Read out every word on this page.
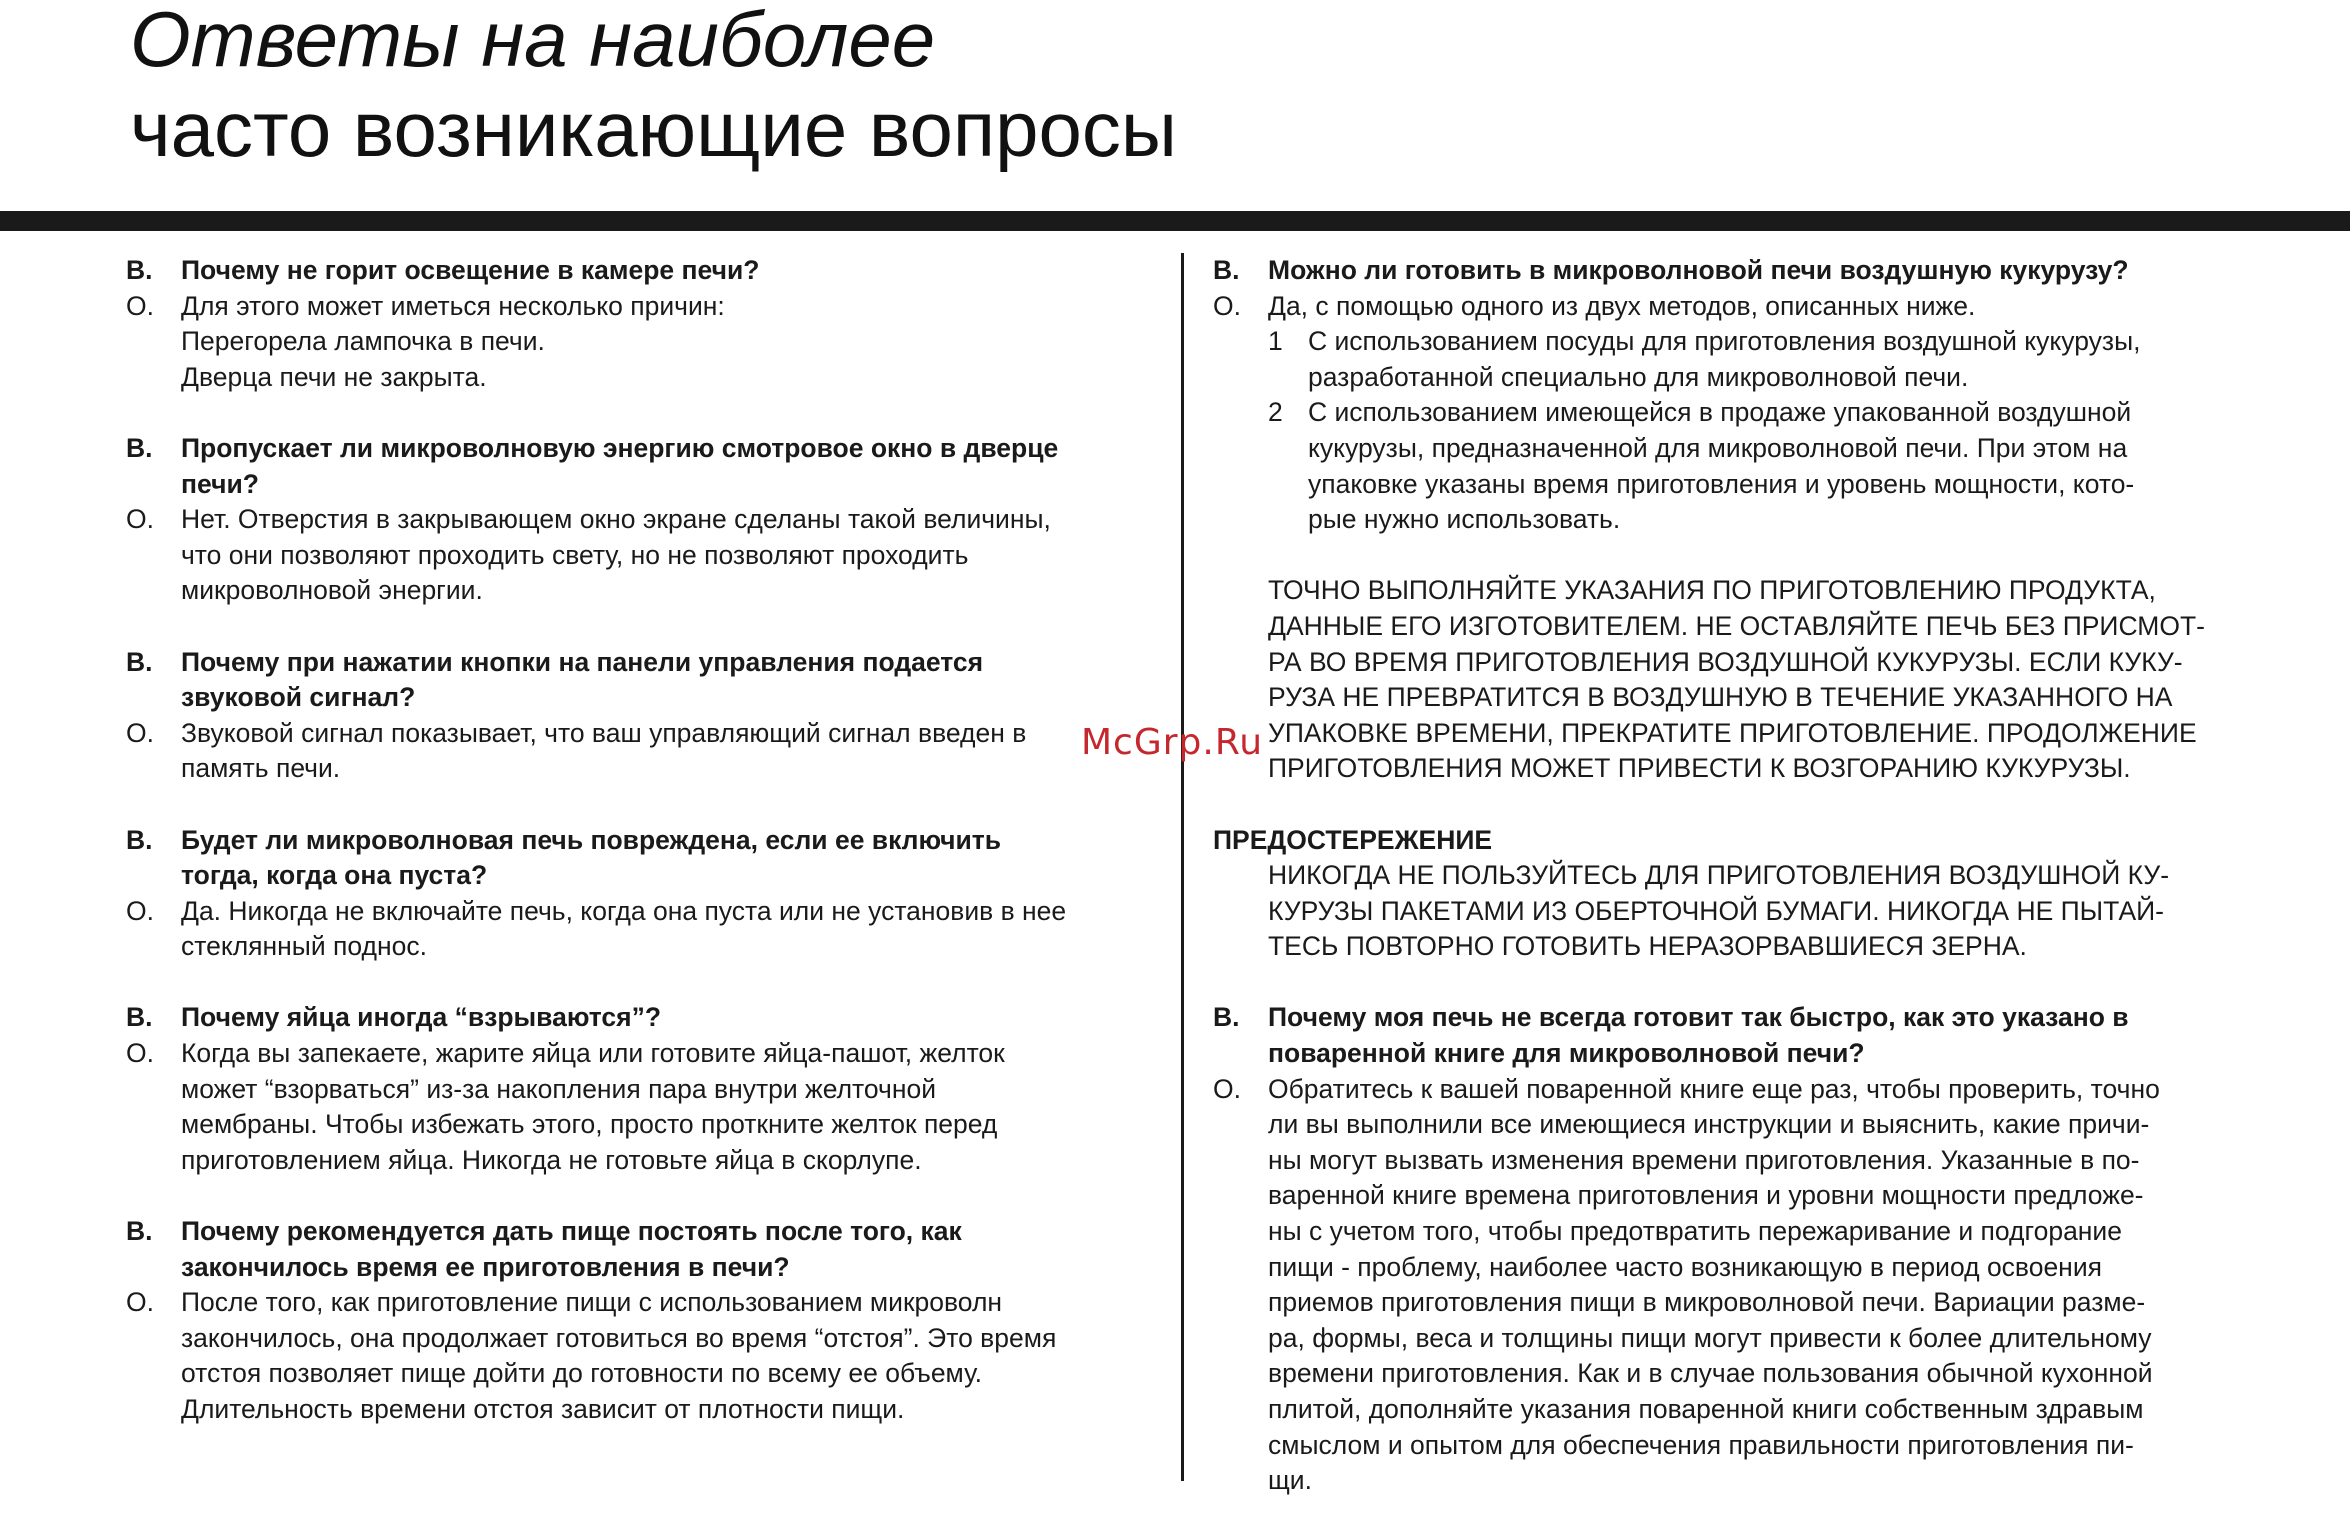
Ответы на наиболее
часто возникающие вопросы
В.	Почему не горит освещение в камере печи?
О.	Для этого может иметься несколько причин:
Перегорела лампочка в печи.
Дверца печи не закрыта.
В.	Пропускает ли микроволновую энергию смотровое окно в дверце
печи?
О.	Нет. Отверстия в закрывающем окно экране сделаны такой величины,
что они позволяют проходить свету, но не позволяют проходить
микроволновой энергии.
В.	Почему при нажатии кнопки на панели управления подается
звуковой сигнал?
О.	Звуковой сигнал показывает, что ваш управляющий сигнал введен в
память печи.
В.	Будет ли микроволновая печь повреждена, если ее включить
тогда, когда она пуста?
О.	Да. Никогда не включайте печь, когда она пуста или не установив в нее
стеклянный поднос.
В.	Почему яйца иногда “взрываются”?
О.	Когда вы запекаете, жарите яйца или готовите яйца-пашот, желток
может “взорваться” из-за накопления пара внутри желточной
мембраны. Чтобы избежать этого, просто проткните желток перед
приготовлением яйца. Никогда не готовьте яйца в скорлупе.
В.	Почему рекомендуется дать пище постоять после того, как
закончилось время ее приготовления в печи?
О.	После того, как приготовление пищи с использованием микроволн
закончилось, она продолжает готовиться во время “отстоя”. Это время
отстоя позволяет пище дойти до готовности по всему ее объему.
Длительность времени отстоя зависит от плотности пищи.
В.	Можно ли готовить в микроволновой печи воздушную кукурузу?
О.	Да, с помощью одного из двух методов, описанных ниже.
1 С использованием посуды для приготовления воздушной кукурузы,
разработанной специально для микроволновой печи.
2 С использованием имеющейся в продаже упакованной воздушной
кукурузы, предназначенной для микроволновой печи. При этом на
упаковке указаны время приготовления и уровень мощности, кото-
рые нужно использовать.
ТОЧНО ВЫПОЛНЯЙТЕ УКАЗАНИЯ ПО ПРИГОТОВЛЕНИЮ ПРОДУКТА,
ДАННЫЕ ЕГО ИЗГОТОВИТЕЛЕМ. НЕ ОСТАВЛЯЙТЕ ПЕЧЬ БЕЗ ПРИСМОТ-
РА ВО ВРЕМЯ ПРИГОТОВЛЕНИЯ ВОЗДУШНОЙ КУКУРУЗЫ. ЕСЛИ КУКУ-
РУЗА НЕ ПРЕВРАТИТСЯ В ВОЗДУШНУЮ В ТЕЧЕНИЕ УКАЗАННОГО НА
УПАКОВКЕ ВРЕМЕНИ, ПРЕКРАТИТЕ ПРИГОТОВЛЕНИЕ. ПРОДОЛЖЕНИЕ
ПРИГОТОВЛЕНИЯ МОЖЕТ ПРИВЕСТИ К ВОЗГОРАНИЮ КУКУРУЗЫ.
ПРЕДОСТЕРЕЖЕНИЕ
НИКОГДА НЕ ПОЛЬЗУЙТЕСЬ ДЛЯ ПРИГОТОВЛЕНИЯ ВОЗДУШНОЙ КУ-
КУРУЗЫ ПАКЕТАМИ ИЗ ОБЕРТОЧНОЙ БУМАГИ. НИКОГДА НЕ ПЫТАЙ-
ТЕСЬ ПОВТОРНО ГОТОВИТЬ НЕРАЗОРВАВШИЕСЯ ЗЕРНА.
В.	Почему моя печь не всегда готовит так быстро, как это указано в
поваренной книге для микроволновой печи?
О.	Обратитесь к вашей поваренной книге еще раз, чтобы проверить, точно
ли вы выполнили все имеющиеся инструкции и выяснить, какие причи-
ны могут вызвать изменения времени приготовления. Указанные в по-
варенной книге времена приготовления и уровни мощности предложе-
ны с учетом того, чтобы предотвратить пережаривание и подгорание
пищи - проблему, наиболее часто возникающую в период освоения
приемов приготовления пищи в микроволновой печи. Вариации разме-
ра, формы, веса и толщины пищи могут привести к более длительному
времени приготовления. Как и в случае пользования обычной кухонной
плитой, дополняйте указания поваренной книги собственным здравым
смыслом и опытом для обеспечения правильности приготовления пи-
щи.
McGrp.Ru
